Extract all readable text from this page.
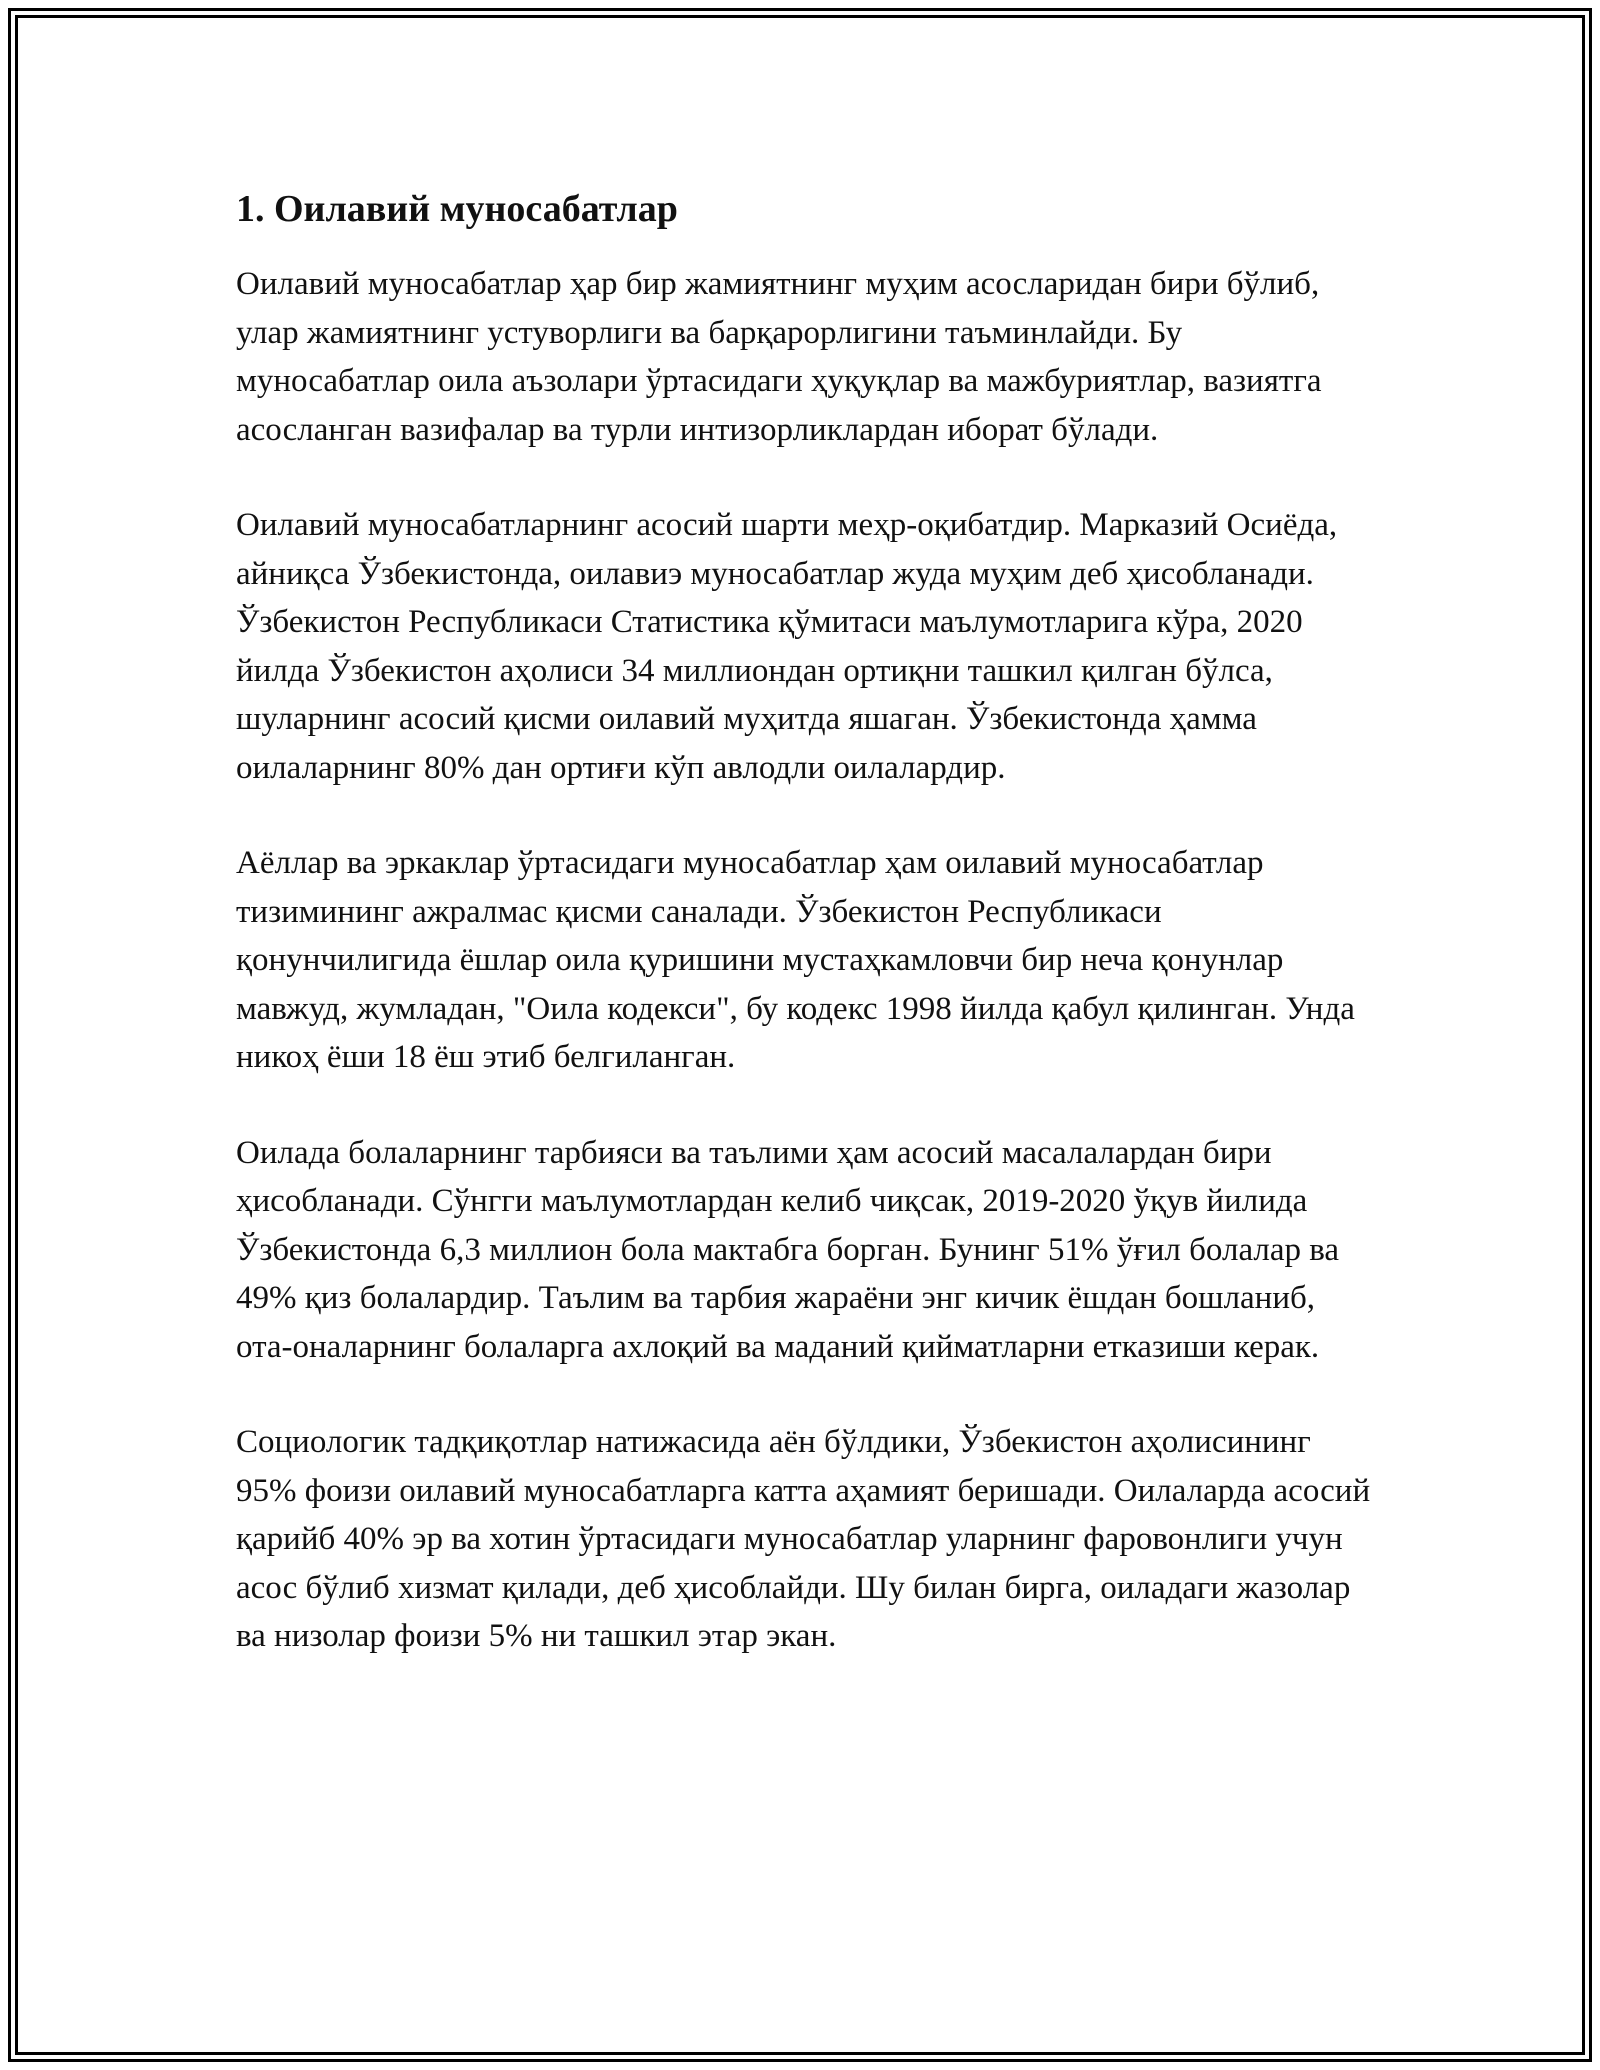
1. Оилавий муносабатлар

Оилавий муносабатлар ҳар бир жамиятнинг муҳим асосларидан бири бўлиб, улар жамиятнинг устуворлиги ва барқарорлигини таъминлайди. Бу муносабатлар оила аъзолари ўртасидаги ҳуқуқлар ва мажбуриятлар, вазиятга асосланган вазифалар ва турли интизорликлардан иборат бўлади.

Оилавий муносабатларнинг асосий шарти меҳр-оқибатдир. Марказий Осиёда, айниқса Ўзбекистонда, оилавиэ муносабатлар жуда муҳим деб ҳисобланади. Ўзбекистон Республикаси Статистика қўмитаси маълумотларига кўра, 2020 йилда Ўзбекистон аҳолиси 34 миллиондан ортиқни ташкил қилган бўлса, шуларнинг асосий қисми оилавий муҳитда яшаган. Ўзбекистонда ҳамма оилаларнинг 80% дан ортиғи кўп авлодли оилалардир.

Аёллар ва эркаклар ўртасидаги муносабатлар ҳам оилавий муносабатлар тизимининг ажралмас қисми саналади. Ўзбекистон Республикаси қонунчилигида ёшлар оила қуришини мустаҳкамловчи бир неча қонунлар мавжуд, жумладан, "Оила кодекси", бу кодекс 1998 йилда қабул қилинган. Унда никоҳ ёши 18 ёш этиб белгиланган.

Оилада болаларнинг тарбияси ва таълими ҳам асосий масалалардан бири ҳисобланади. Сўнгги маълумотлардан келиб чиқсак, 2019-2020 ўқув йилида Ўзбекистонда 6,3 миллион бола мактабга борган. Бунинг 51% ўғил болалар ва 49% қиз болалардир. Таълим ва тарбия жараёни энг кичик ёшдан бошланиб, ота-оналарнинг болаларга ахлоқий ва маданий қийматларни етказиши керак.

Социологик тадқиқотлар натижасида аён бўлдики, Ўзбекистон аҳолисининг 95% фоизи оилавий муносабатларга катта аҳамият беришади. Оилаларда асосий қарийб 40% эр ва хотин ўртасидаги муносабатлар уларнинг фаровонлиги учун асос бўлиб хизмат қилади, деб ҳисоблайди. Шу билан бирга, оиладаги жазолар ва низолар фоизи 5% ни ташкил этар экан.
